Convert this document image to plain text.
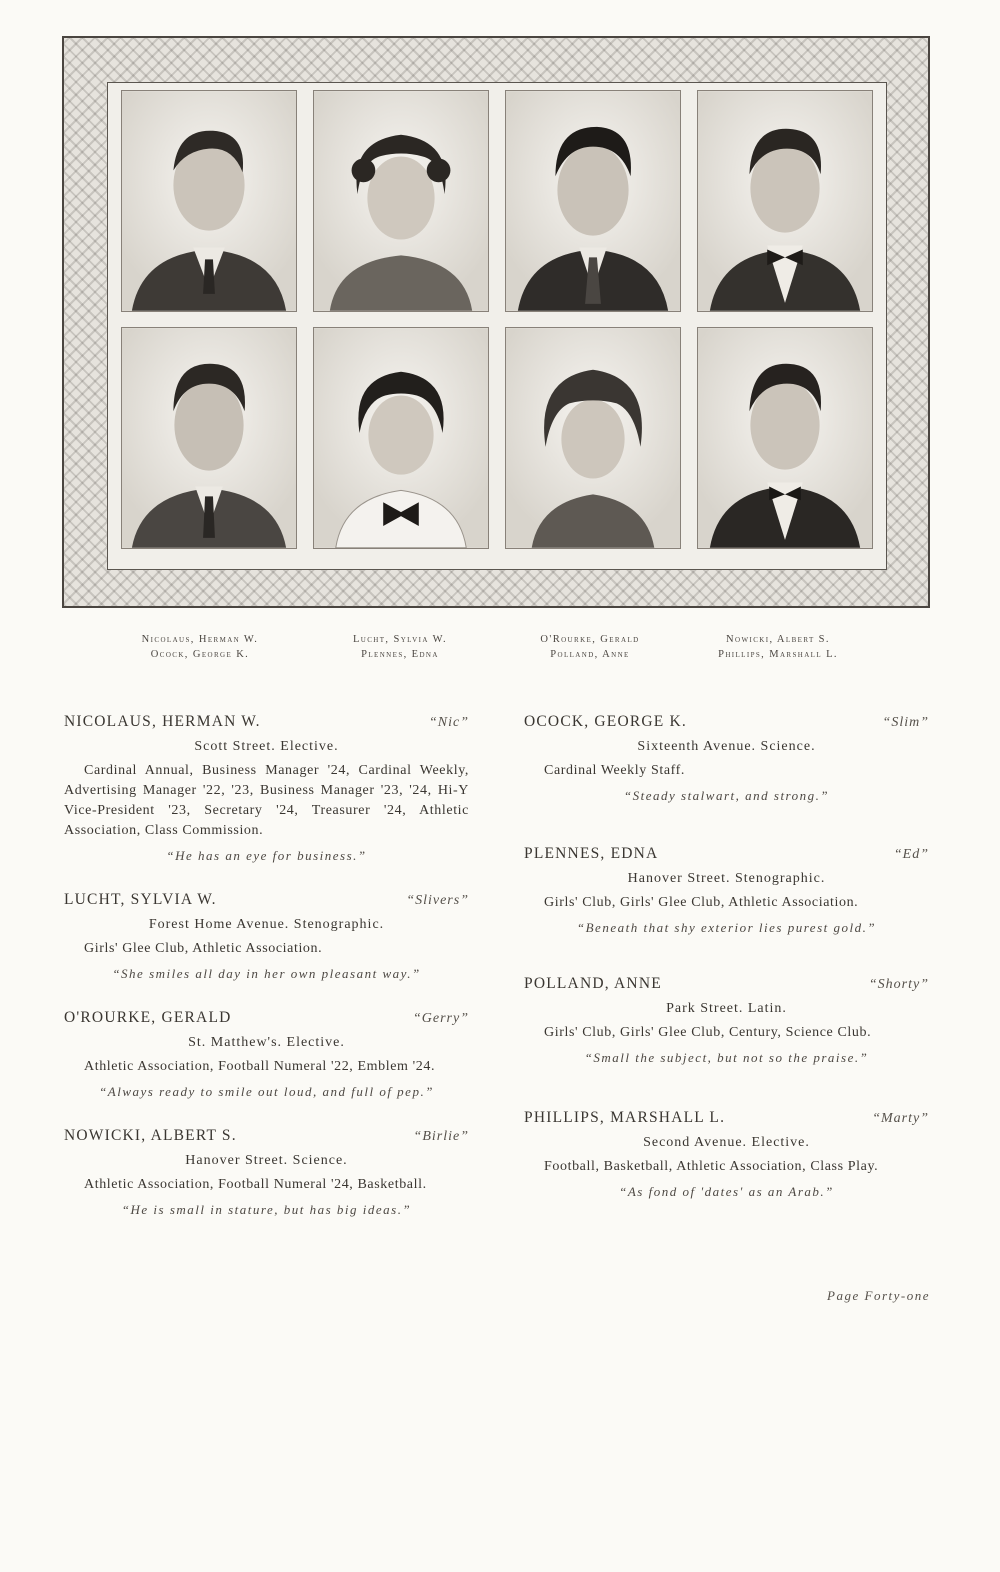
Nicolaus, Herman W.
Ocock, George K.
Lucht, Sylvia W.
Plennes, Edna
O'Rourke, Gerald
Polland, Anne
Nowicki, Albert S.
Phillips, Marshall L.
NICOLAUS, HERMAN W.	“Nic”
Scott Street. Elective.
Cardinal Annual, Business Manager '24, Cardinal Weekly, Advertising Manager '22, '23, Business Manager '23, '24, Hi-Y Vice-President '23, Secretary '24, Treasurer '24, Athletic Association, Class Commission.
“He has an eye for business.”
LUCHT, SYLVIA W.	“Slivers”
Forest Home Avenue. Stenographic.
Girls' Glee Club, Athletic Association.
“She smiles all day in her own pleasant way.”
O'ROURKE, GERALD	“Gerry”
St. Matthew's. Elective.
Athletic Association, Football Numeral '22, Emblem '24.
“Always ready to smile out loud, and full of pep.”
NOWICKI, ALBERT S.	“Birlie”
Hanover Street. Science.
Athletic Association, Football Numeral '24, Basketball.
“He is small in stature, but has big ideas.”
OCOCK, GEORGE K.	“Slim”
Sixteenth Avenue. Science.
Cardinal Weekly Staff.
“Steady stalwart, and strong.”
PLENNES, EDNA	“Ed”
Hanover Street. Stenographic.
Girls' Club, Girls' Glee Club, Athletic Association.
“Beneath that shy exterior lies purest gold.”
POLLAND, ANNE	“Shorty”
Park Street. Latin.
Girls' Club, Girls' Glee Club, Century, Science Club.
“Small the subject, but not so the praise.”
PHILLIPS, MARSHALL L.	“Marty”
Second Avenue. Elective.
Football, Basketball, Athletic Association, Class Play.
“As fond of 'dates' as an Arab.”
Page Forty-one
